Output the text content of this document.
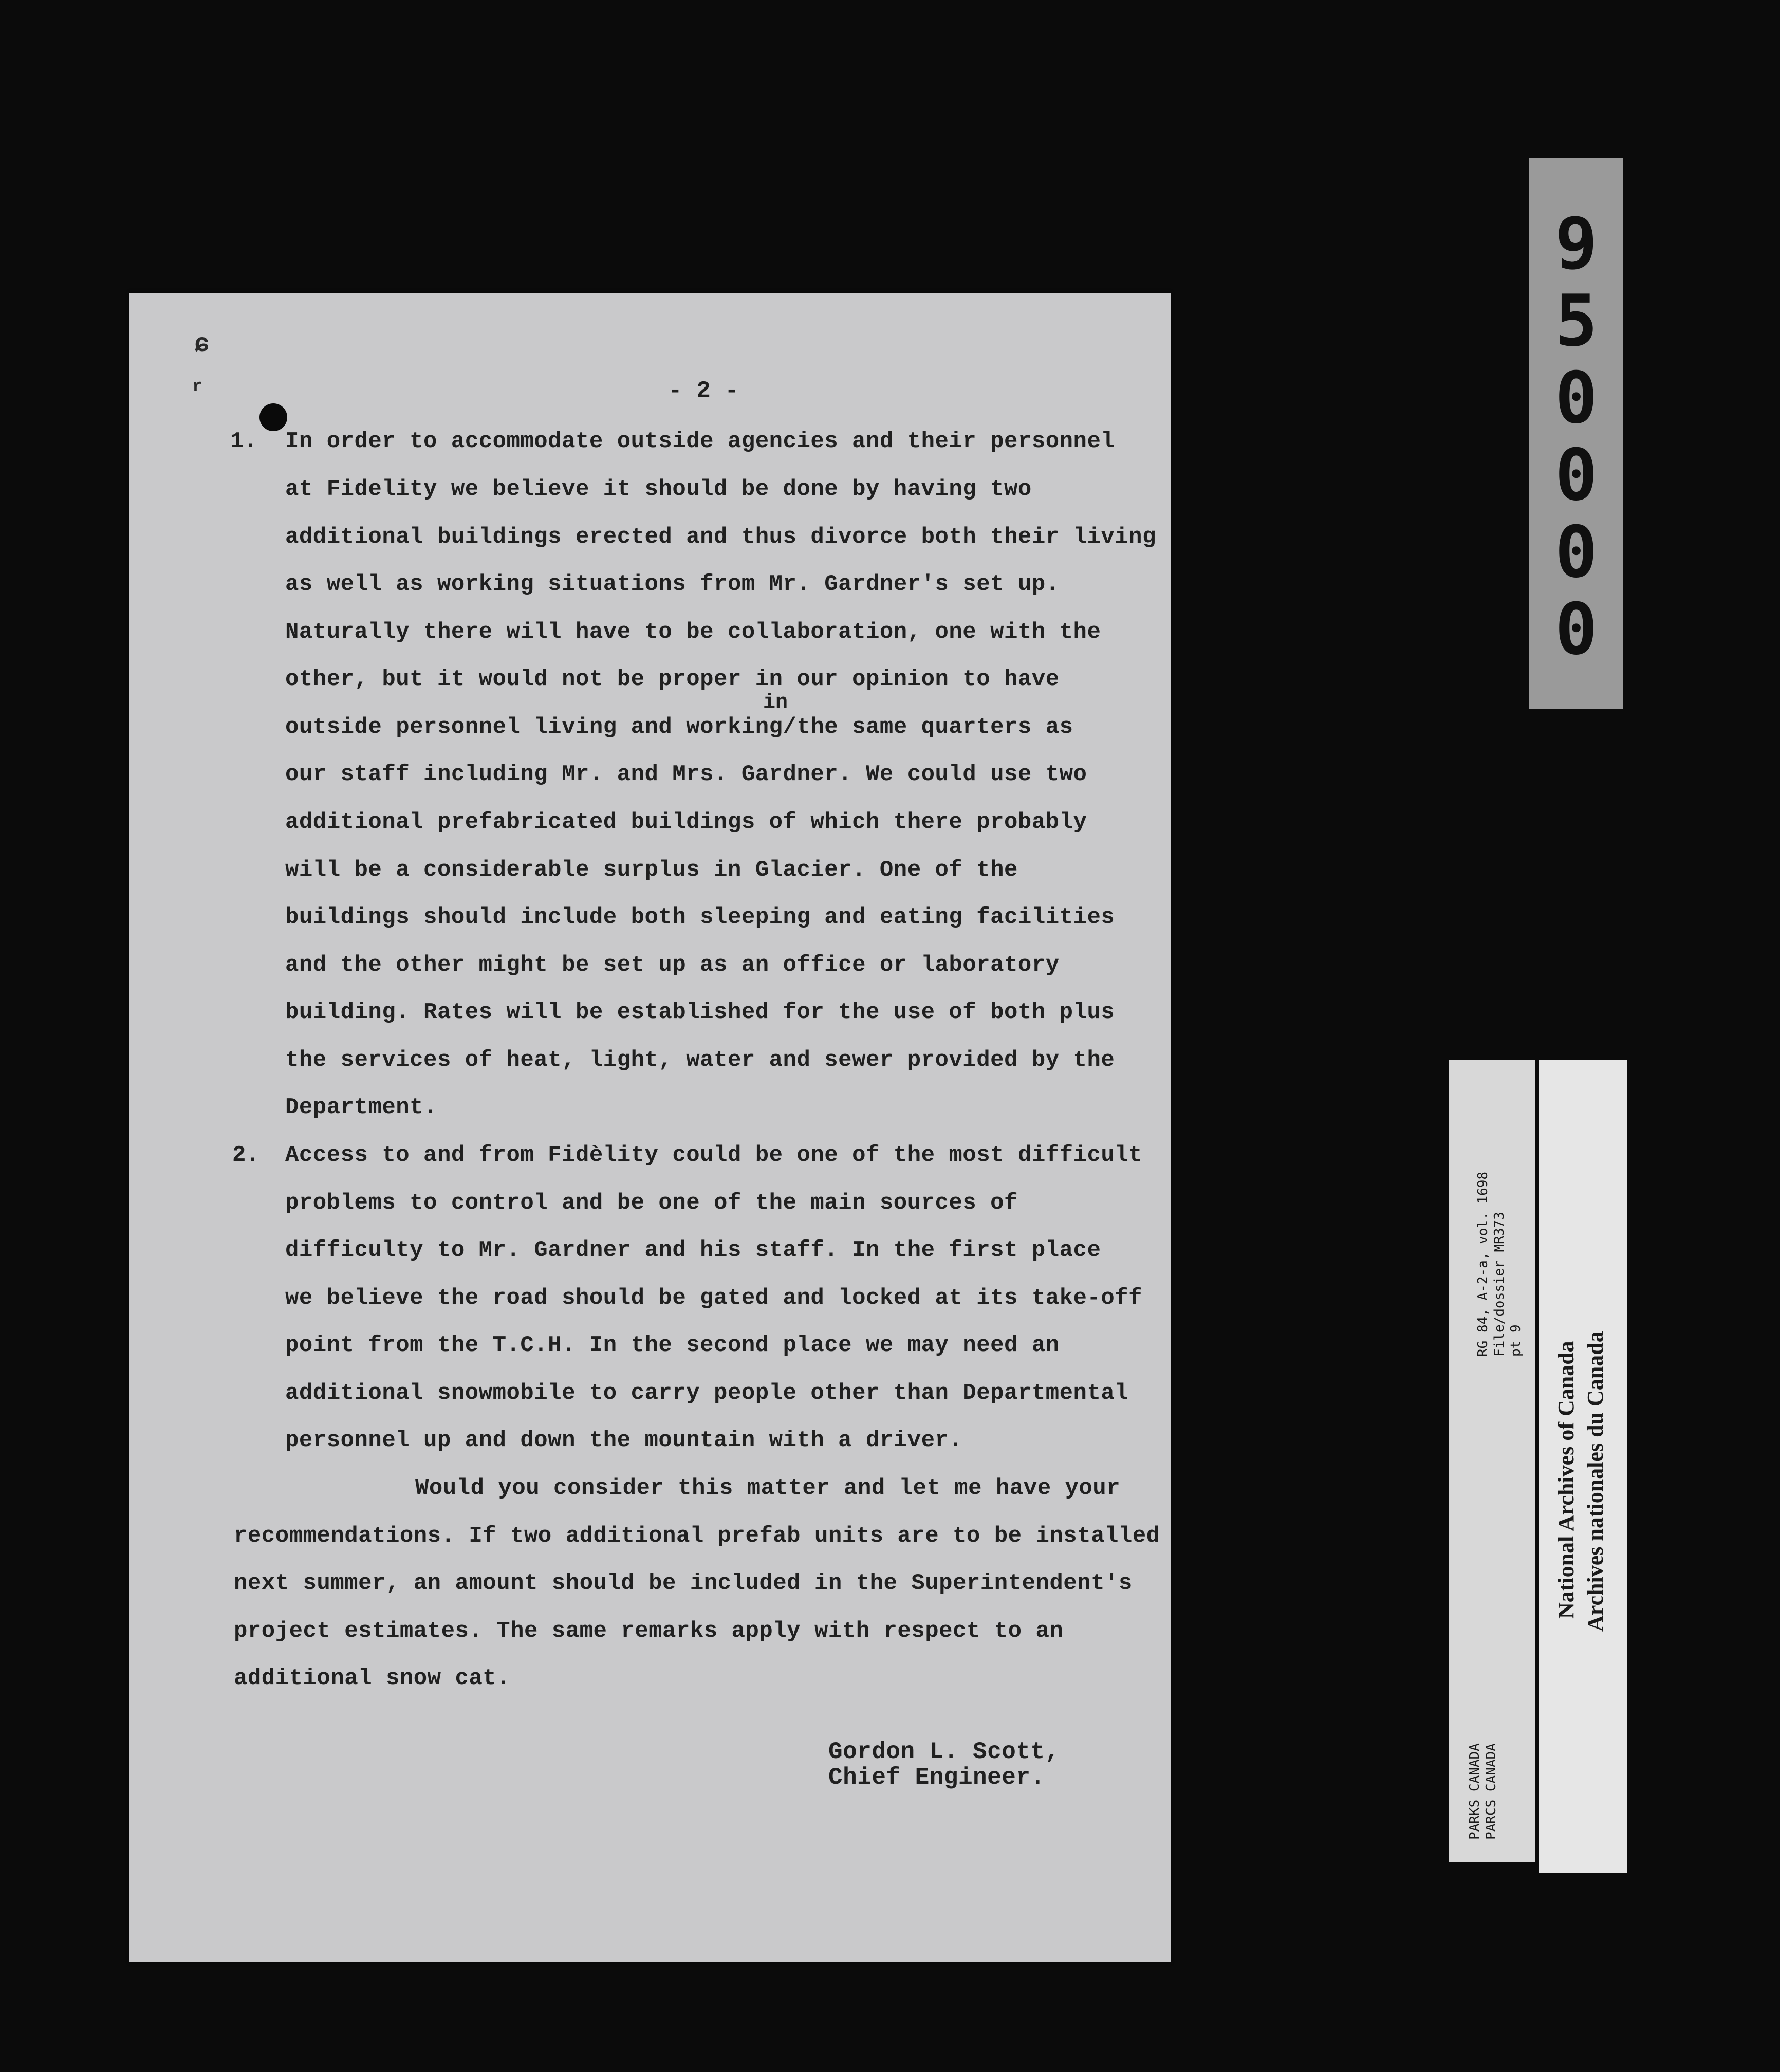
ɕ
r	- 2 -
1. In order to accommodate outside agencies and their personnel
at Fidelity we believe it should be done by having two
additional buildings erected and thus divorce both their living
as well as working situations from Mr. Gardner's set up.
Naturally there will have to be collaboration, one with the
other, but it would not be proper in our opinion to have
in
outside personnel living and working/the same quarters as
our staff including Mr. and Mrs. Gardner. We could use two
additional prefabricated buildings of which there probably
will be a considerable surplus in Glacier. One of the
buildings should include both sleeping and eating facilities
and the other might be set up as an office or laboratory
building. Rates will be established for the use of both plus
the services of heat, light, water and sewer provided by the
Department.
2. Access to and from Fidèlity could be one of the most difficult
problems to control and be one of the main sources of
difficulty to Mr. Gardner and his staff. In the first place
we believe the road should be gated and locked at its take-off
point from the T.C.H. In the second place we may need an
additional snowmobile to carry people other than Departmental
personnel up and down the mountain with a driver.
Would you consider this matter and let me have your
recommendations. If two additional prefab units are to be installed
next summer, an amount should be included in the Superintendent's
project estimates. The same remarks apply with respect to an
additional snow cat.
Gordon L. Scott,
Chief Engineer.
0
0
0
0
5
9
RG 84, A-2-a, vol. 1698 File/dossier MR373 pt 9
PARKS CANADA PARCS CANADA
National Archives of Canada Archives nationales du Canada
